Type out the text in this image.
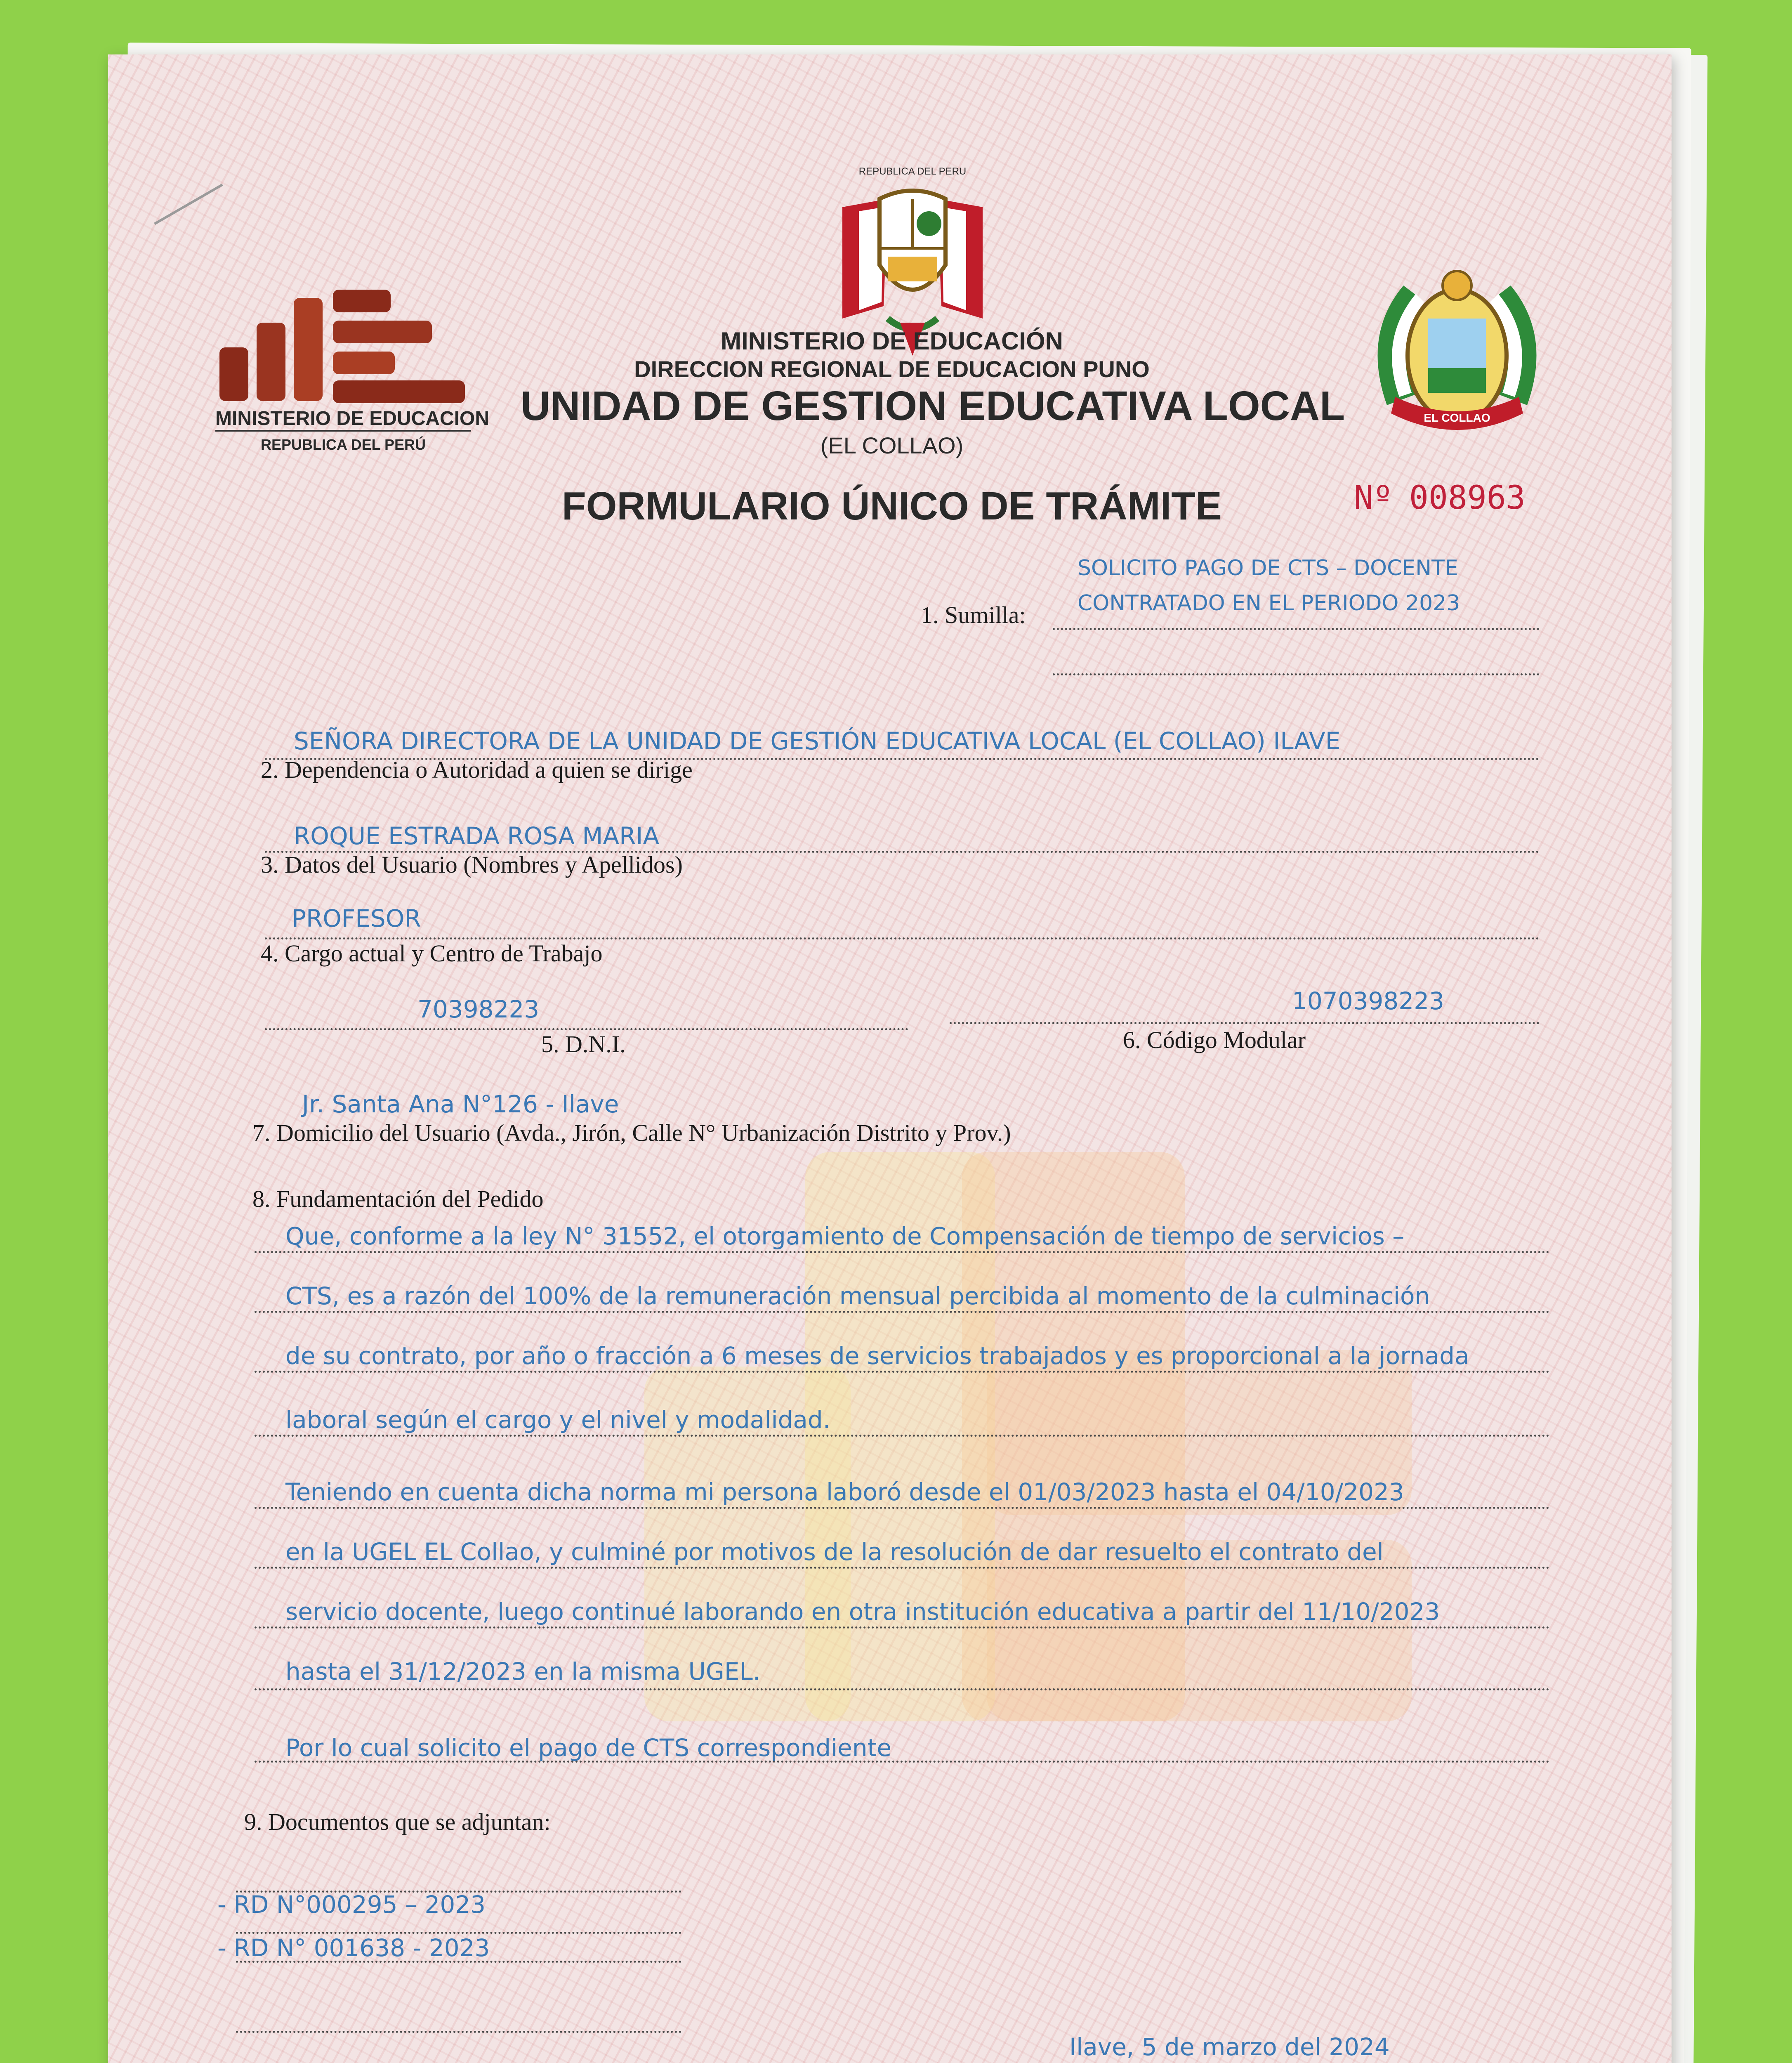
MINISTERIO DE EDUCACION
REPUBLICA DEL PERÚ
REPUBLICA DEL PERU
MINISTERIO DE EDUCACIÓN
DIRECCION REGIONAL DE EDUCACION PUNO
UNIDAD DE GESTION EDUCATIVA LOCAL
(EL COLLAO)
FORMULARIO ÚNICO DE TRÁMITE	Nº 008963
EL COLLAO
SOLICITO PAGO DE CTS – DOCENTE
1. Sumilla: CONTRATADO EN EL PERIODO 2023
SEÑORA DIRECTORA DE LA UNIDAD DE GESTIÓN EDUCATIVA LOCAL (EL COLLAO) ILAVE
2. Dependencia o Autoridad a quien se dirige
ROQUE ESTRADA ROSA MARIA
3. Datos del Usuario (Nombres y Apellidos)
PROFESOR
4. Cargo actual y Centro de Trabajo
70398223
5. D.N.I.
1070398223
6. Código Modular
Jr. Santa Ana N°126 - Ilave
7. Domicilio del Usuario (Avda., Jirón, Calle N° Urbanización Distrito y Prov.)
8. Fundamentación del Pedido
Que, conforme a la ley N° 31552, el otorgamiento de Compensación de tiempo de servicios –
CTS, es a razón del 100% de la remuneración mensual percibida al momento de la culminación
de su contrato, por año o fracción a 6 meses de servicios trabajados y es proporcional a la jornada
laboral según el cargo y el nivel y modalidad.
Teniendo en cuenta dicha norma mi persona laboró desde el 01/03/2023 hasta el 04/10/2023
en la UGEL EL Collao, y culminé por motivos de la resolución de dar resuelto el contrato del
servicio docente, luego continué laborando en otra institución educativa a partir del 11/10/2023
hasta el 31/12/2023 en la misma UGEL.
Por lo cual solicito el pago de CTS correspondiente
9. Documentos que se adjuntan:
- RD N°000295 – 2023
- RD N° 001638 - 2023
Ilave, 5 de marzo del 2024
